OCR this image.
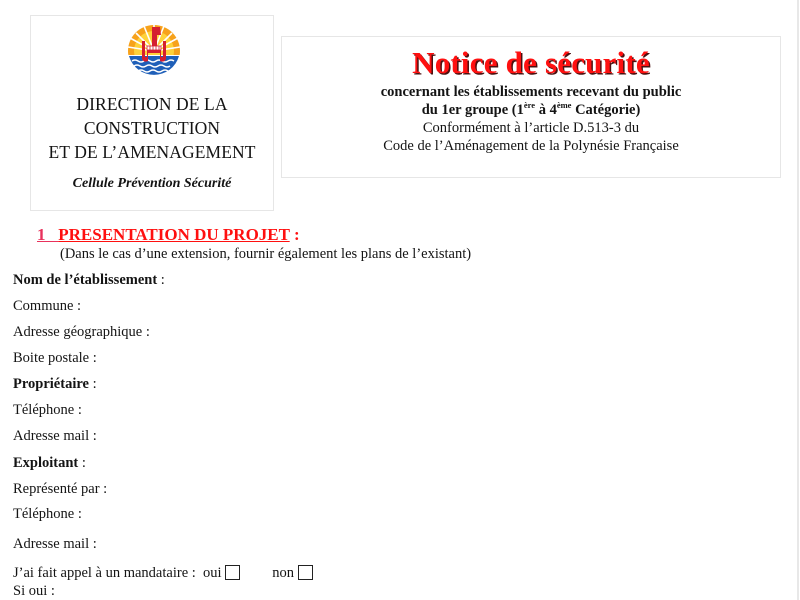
DIRECTION DE LA
CONSTRUCTION
ET DE L’AMENAGEMENT
Cellule Prévention Sécurité
Notice de sécurité
concernant les établissements recevant du public
du 1er groupe (1ère à 4ème Catégorie)
Conformément à l’article D.513-3 du
Code de l’Aménagement de la Polynésie Française
1 PRESENTATION DU PROJET :
(Dans le cas d’une extension, fournir également les plans de l’existant)
Nom de l’établissement :
Commune :
Adresse géographique :
Boite postale :
Propriétaire :
Téléphone :
Adresse mail :
Exploitant :
Représenté par :
Téléphone :
Adresse mail :
J’ai fait appel à un mandataire : oui	non
Si oui :
